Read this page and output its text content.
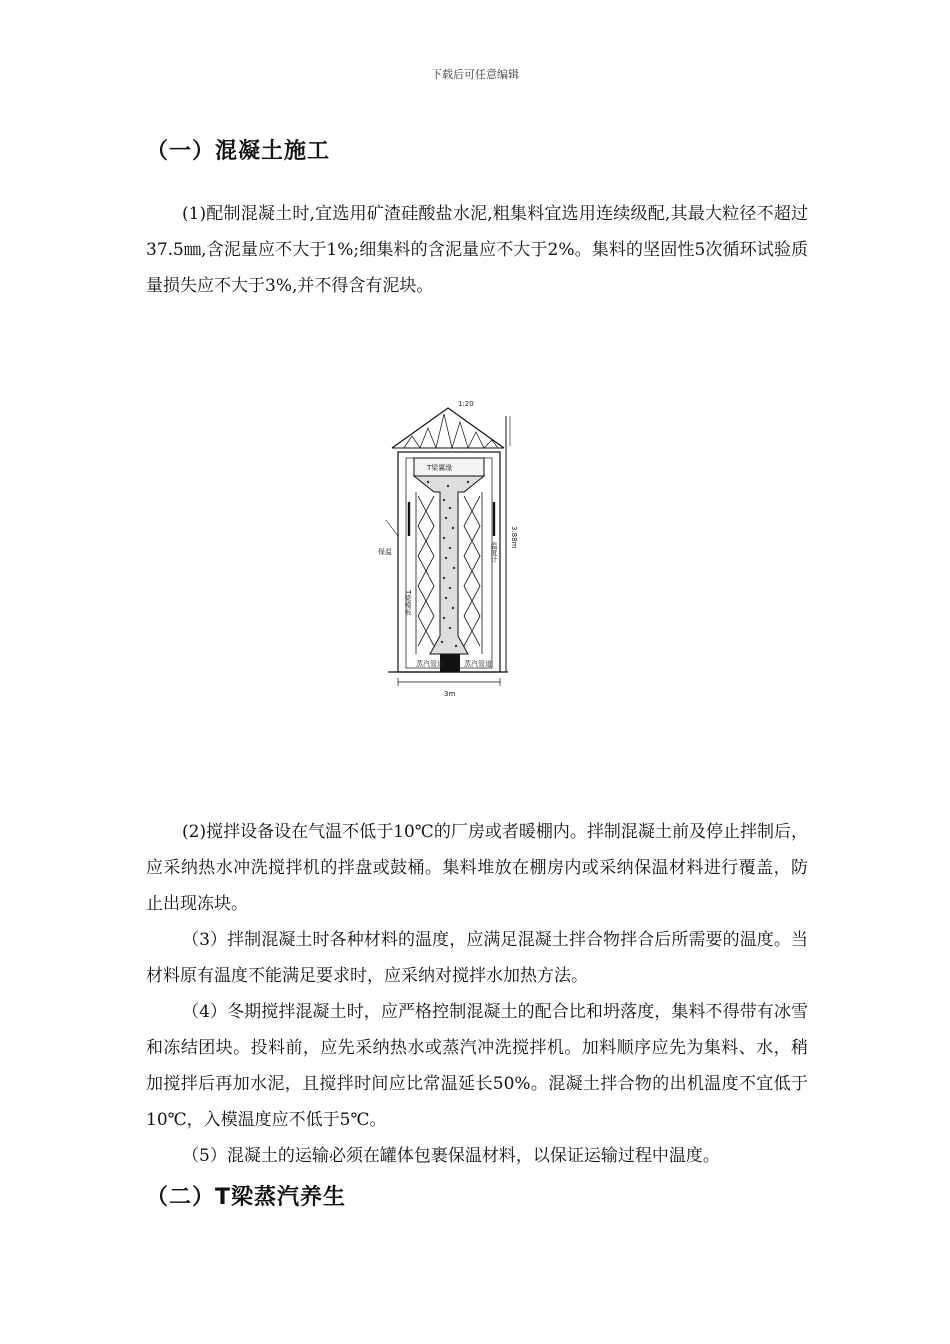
下载后可任意编辑
（一）混凝土施工
(1)配制混凝土时,宜选用矿渣硅酸盐水泥,粗集料宜选用连续级配,其最大粒径不超过37.5㎜,含泥量应不大于1%;细集料的含泥量应不大于2%。集料的坚固性5次循环试验质量损失应不大于3%,并不得含有泥块。
1:20
T梁翼缘
T梁模板
温度计
3.88m
保温
蒸汽管道	蒸汽管道
3m
(2)搅拌设备设在气温不低于10℃的厂房或者暖棚内。拌制混凝土前及停止拌制后，应采纳热水冲洗搅拌机的拌盘或鼓桶。集料堆放在棚房内或采纳保温材料进行覆盖，防止出现冻块。
（3）拌制混凝土时各种材料的温度，应满足混凝土拌合物拌合后所需要的温度。当材料原有温度不能满足要求时，应采纳对搅拌水加热方法。
（4）冬期搅拌混凝土时，应严格控制混凝土的配合比和坍落度，集料不得带有冰雪和冻结团块。投料前，应先采纳热水或蒸汽冲洗搅拌机。加料顺序应先为集料、水，稍加搅拌后再加水泥，且搅拌时间应比常温延长50%。混凝土拌合物的出机温度不宜低于10℃，入模温度应不低于5℃。
（5）混凝土的运输必须在罐体包裹保温材料，以保证运输过程中温度。
（二）T梁蒸汽养生
